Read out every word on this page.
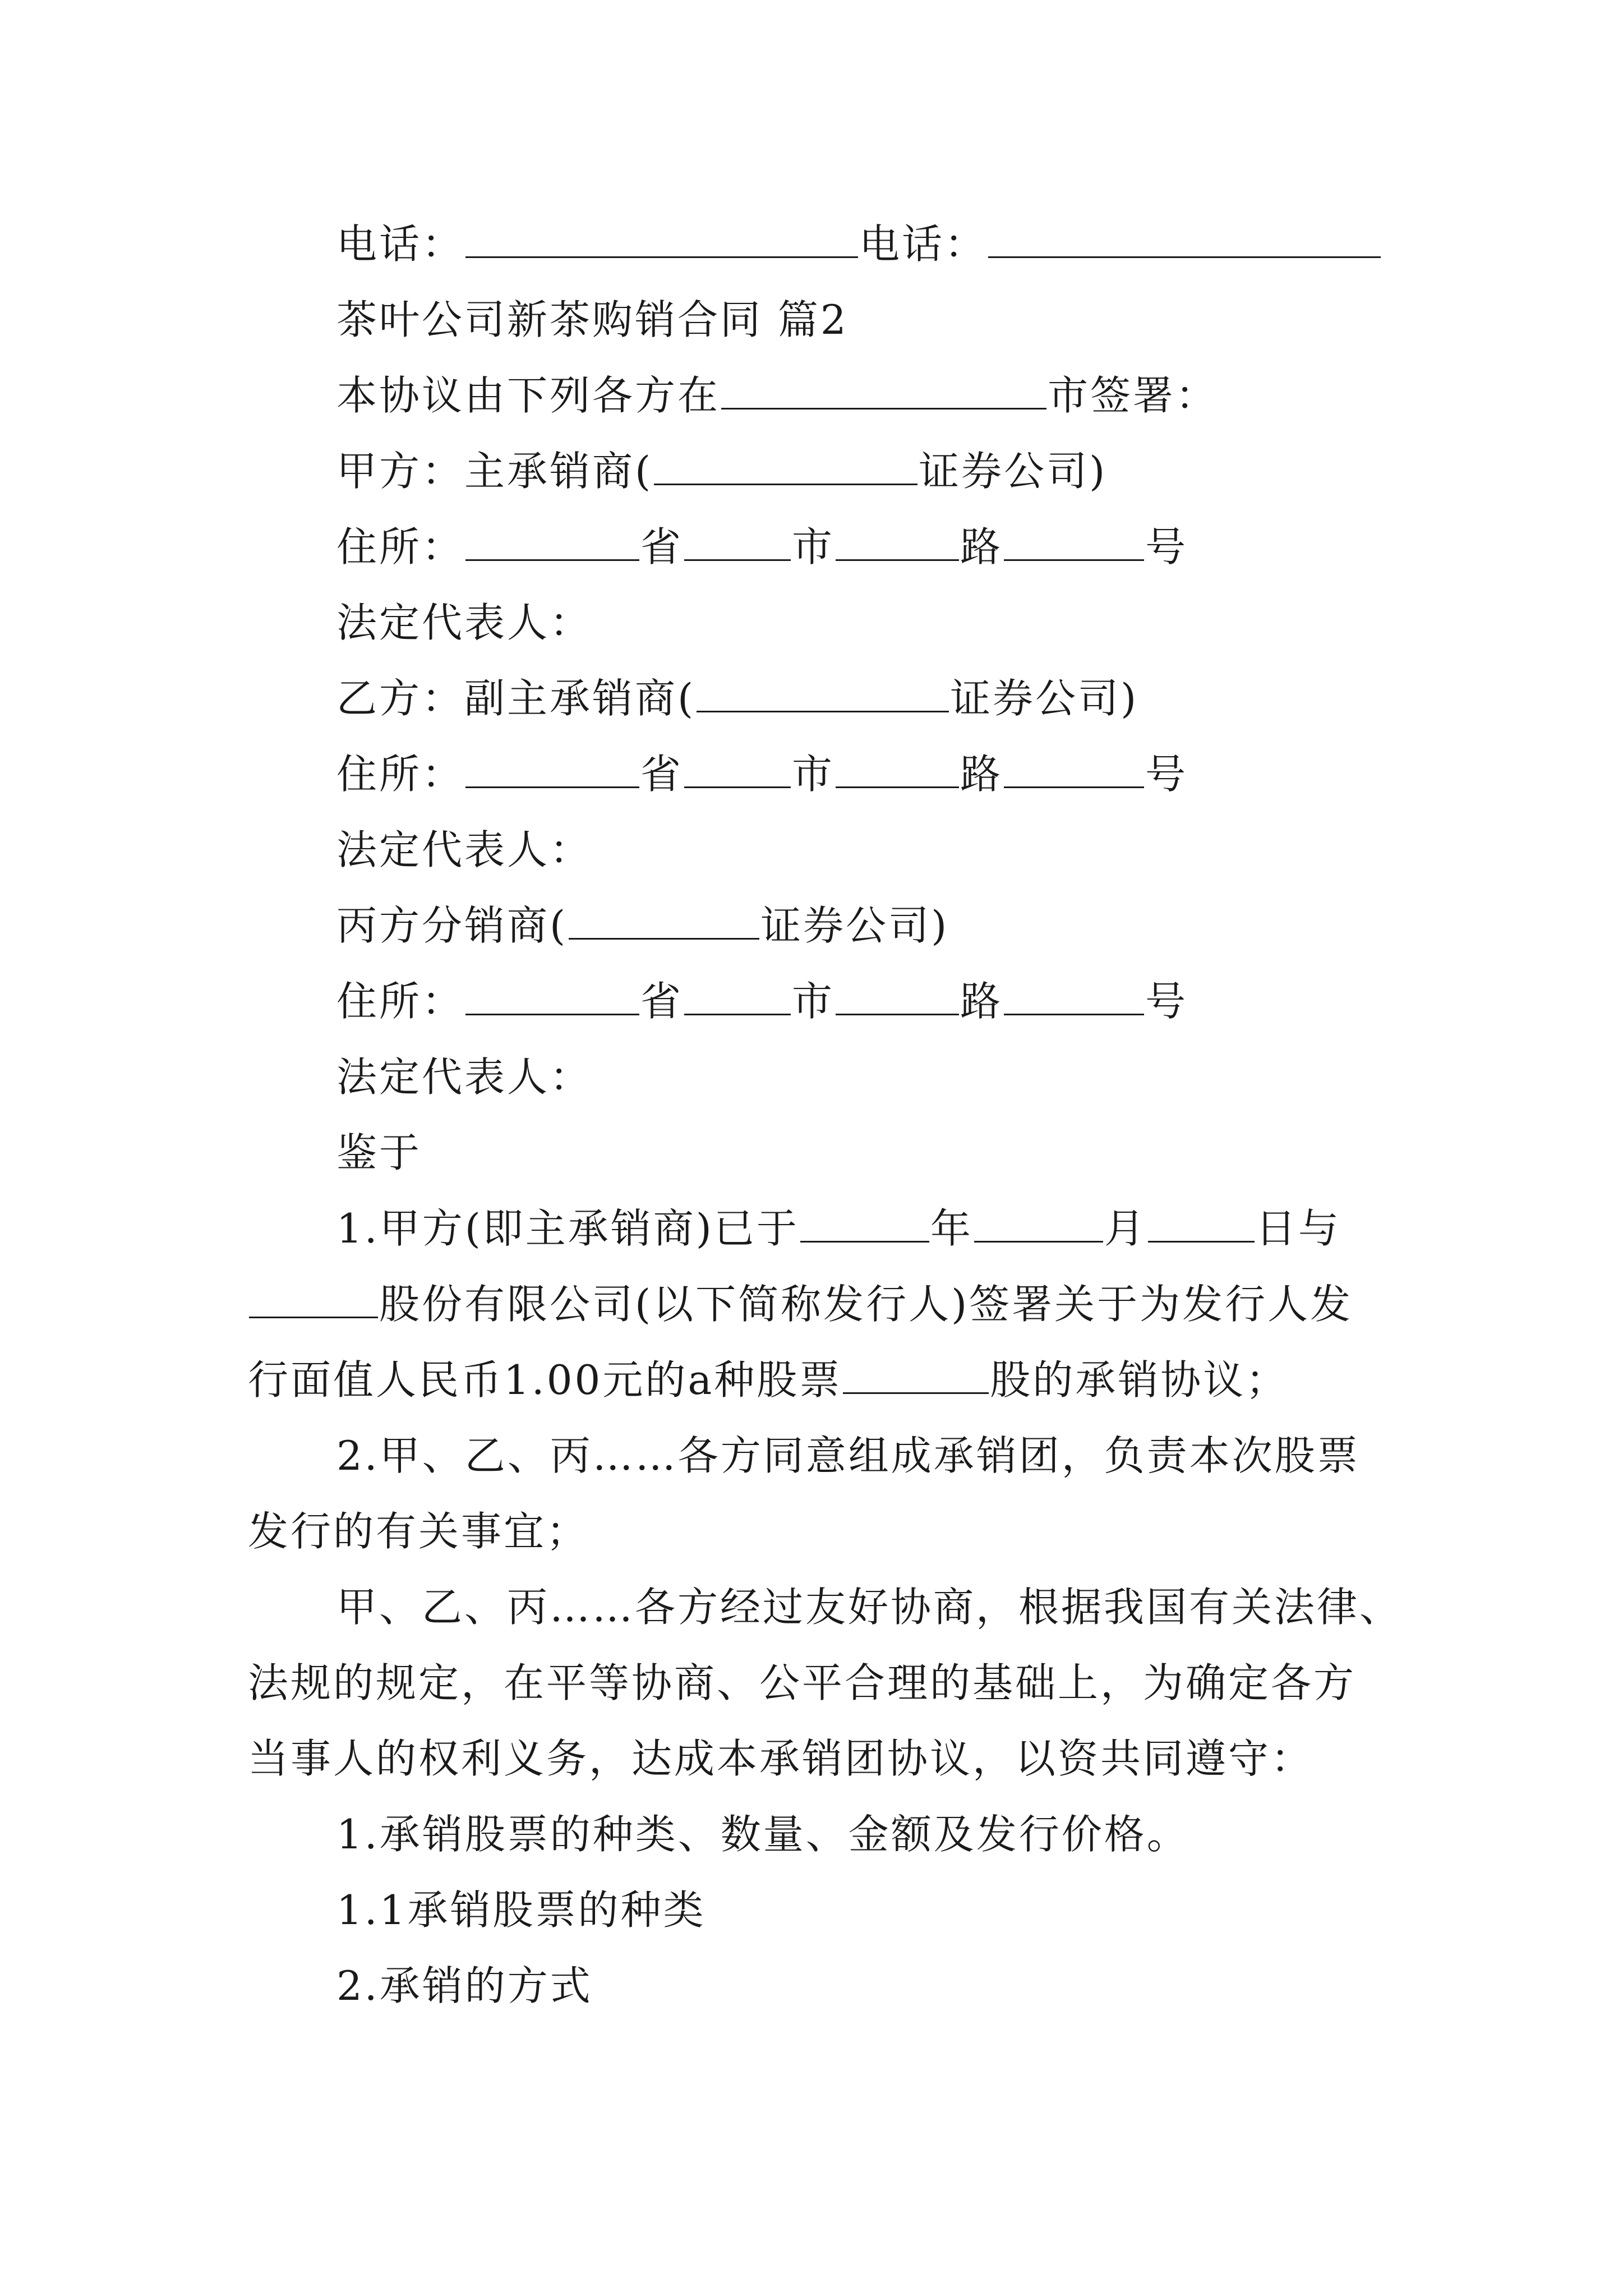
电话：	电话：
茶叶公司新茶购销合同 篇2
本协议由下列各方在	市签署：
甲方：主承销商(	证券公司)
住所：	省	市	路	号
法定代表人：
乙方：副主承销商(	证券公司)
住所：	省	市	路	号
法定代表人：
丙方分销商(	证券公司)
住所：	省	市	路	号
法定代表人：
鉴于
1.甲方(即主承销商)已于	年	月	日与
股份有限公司(以下简称发行人)签署关于为发行人发
行面值人民币1.00元的a种股票	股的承销协议；
2.甲、乙、丙……各方同意组成承销团，负责本次股票
发行的有关事宜；
甲、乙、丙……各方经过友好协商，根据我国有关法律、
法规的规定，在平等协商、公平合理的基础上，为确定各方
当事人的权利义务，达成本承销团协议，以资共同遵守：
1.承销股票的种类、数量、金额及发行价格。
1.1承销股票的种类
2.承销的方式
